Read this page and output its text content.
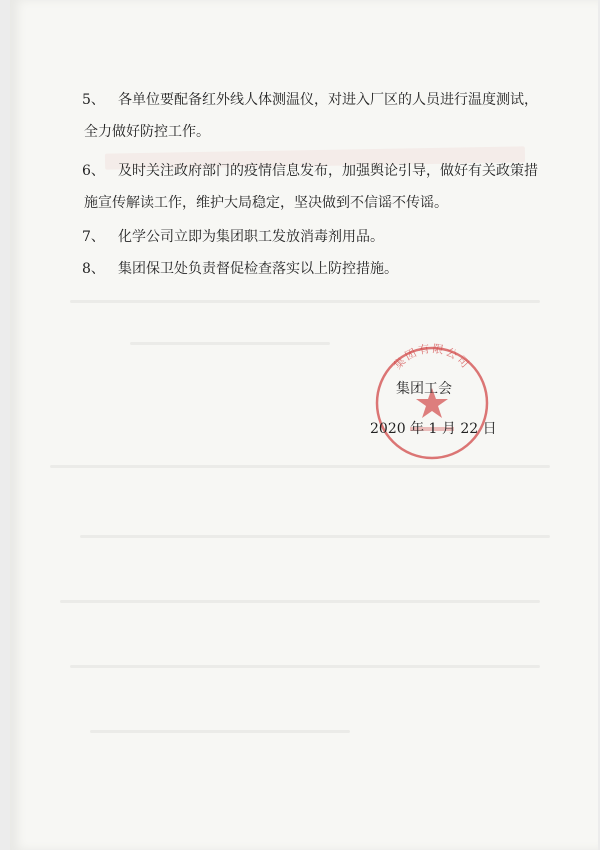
5、 各单位要配备红外线人体测温仪，对进入厂区的人员进行温度测试，
全力做好防控工作。
6、 及时关注政府部门的疫情信息发布，加强舆论引导，做好有关政策措
施宣传解读工作，维护大局稳定，坚决做到不信谣不传谣。
7、 化学公司立即为集团职工发放消毒剂用品。
8、 集团保卫处负责督促检查落实以上防控措施。
集团有限公司
集团工会
2020 年 1 月 22 日
